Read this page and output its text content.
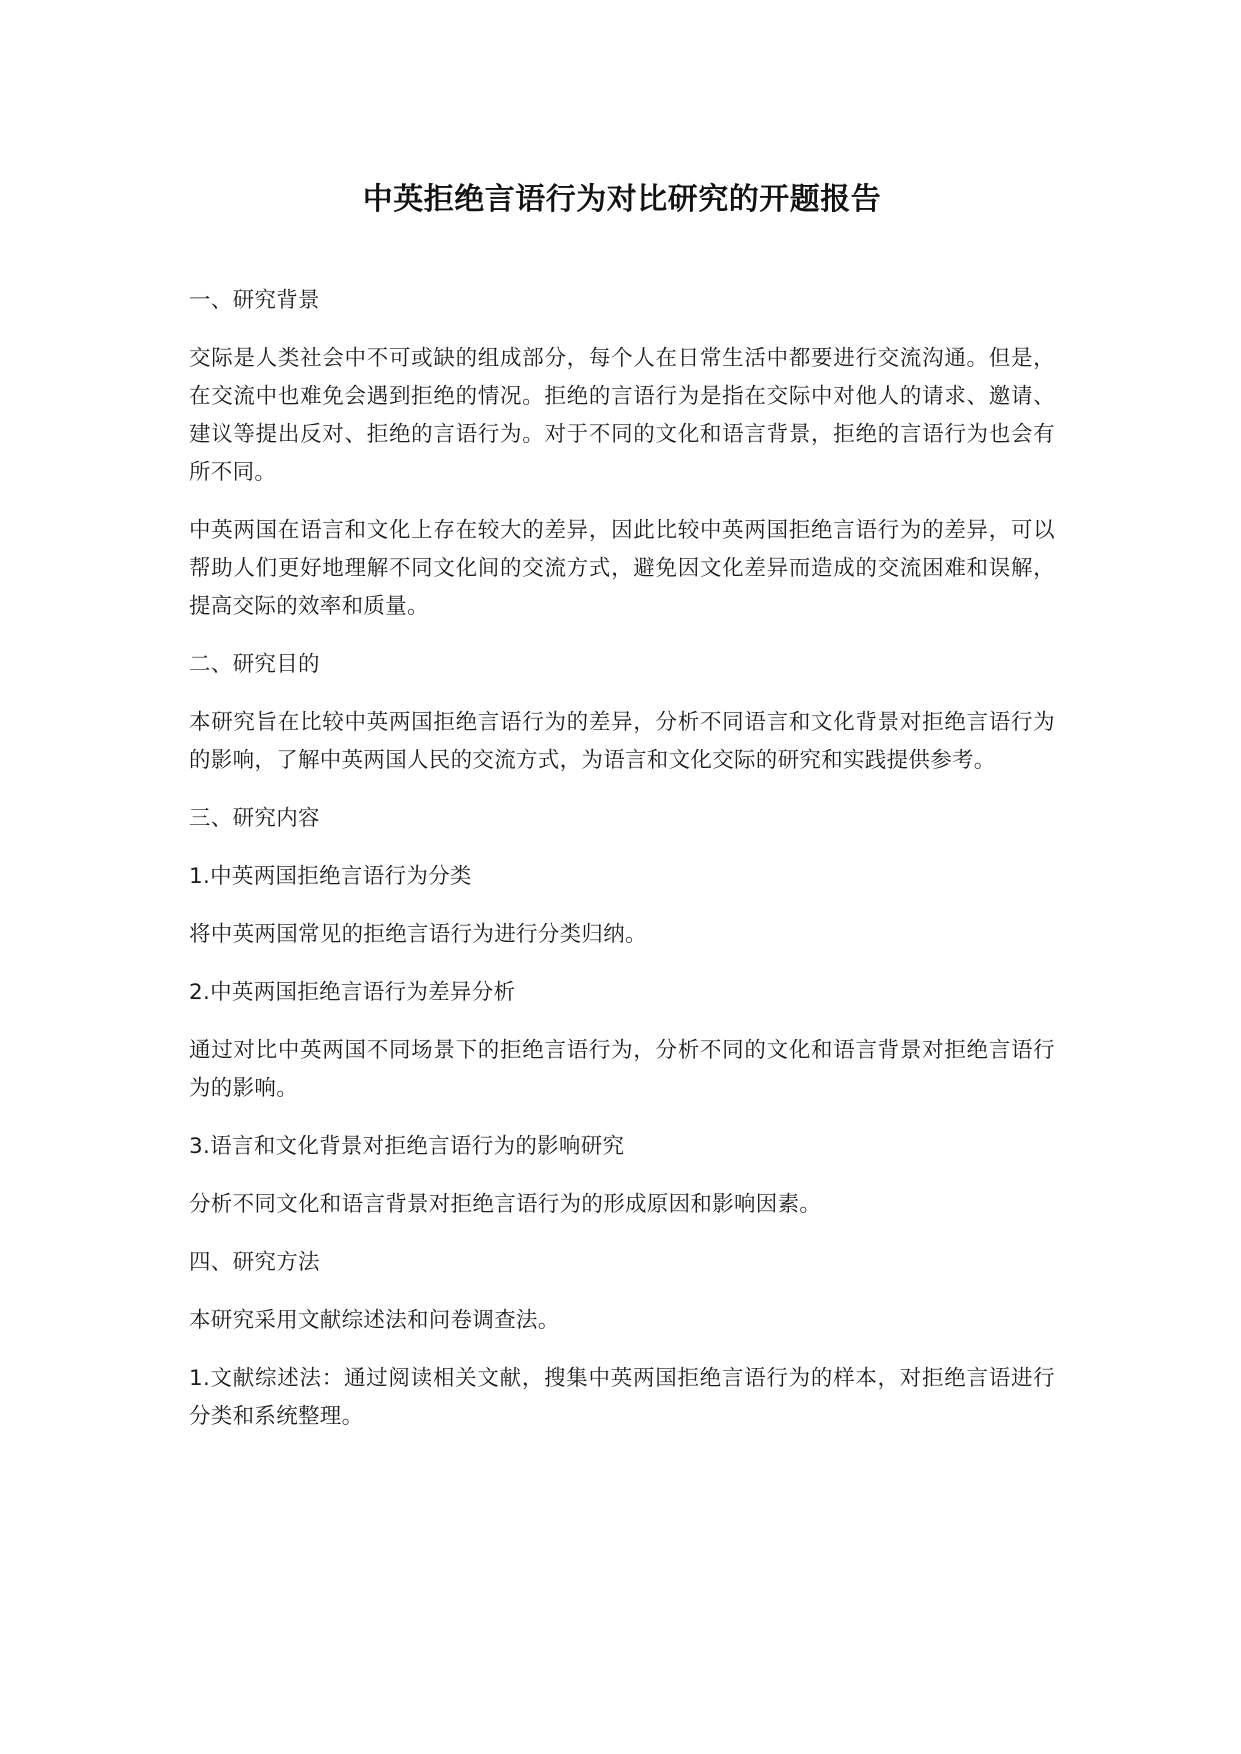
中英拒绝言语行为对比研究的开题报告

一、研究背景

交际是人类社会中不可或缺的组成部分，每个人在日常生活中都要进行交流沟通。但是，在交流中也难免会遇到拒绝的情况。拒绝的言语行为是指在交际中对他人的请求、邀请、建议等提出反对、拒绝的言语行为。对于不同的文化和语言背景，拒绝的言语行为也会有所不同。

中英两国在语言和文化上存在较大的差异，因此比较中英两国拒绝言语行为的差异，可以帮助人们更好地理解不同文化间的交流方式，避免因文化差异而造成的交流困难和误解，提高交际的效率和质量。

二、研究目的

本研究旨在比较中英两国拒绝言语行为的差异，分析不同语言和文化背景对拒绝言语行为的影响，了解中英两国人民的交流方式，为语言和文化交际的研究和实践提供参考。

三、研究内容

1.中英两国拒绝言语行为分类

将中英两国常见的拒绝言语行为进行分类归纳。

2.中英两国拒绝言语行为差异分析

通过对比中英两国不同场景下的拒绝言语行为，分析不同的文化和语言背景对拒绝言语行为的影响。

3.语言和文化背景对拒绝言语行为的影响研究

分析不同文化和语言背景对拒绝言语行为的形成原因和影响因素。

四、研究方法

本研究采用文献综述法和问卷调查法。

1.文献综述法：通过阅读相关文献，搜集中英两国拒绝言语行为的样本，对拒绝言语进行分类和系统整理。
